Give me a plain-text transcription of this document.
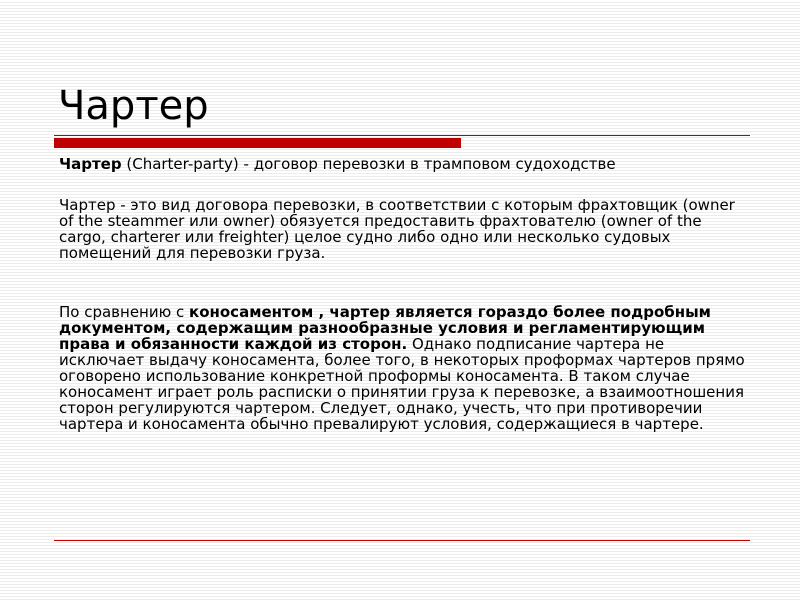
Чартер

Чартер (Charter-party) - договор перевозки в трамповом судоходстве

Чартер - это вид договора перевозки, в соответствии с которым фрахтовщик (owner of the steammer или owner) обязуется предоставить фрахтователю (owner of the cargo, charterer или freighter) целое судно либо одно или несколько судовых помещений для перевозки груза.

По сравнению с коносаментом , чартер является гораздо более подробным документом, содержащим разнообразные условия и регламентирующим права и обязанности каждой из сторон. Однако подписание чартера не исключает выдачу коносамента, более того, в некоторых проформах чартеров прямо оговорено использование конкретной проформы коносамента. В таком случае коносамент играет роль расписки о принятии груза к перевозке, а взаимоотношения сторон регулируются чартером. Следует, однако, учесть, что при противоречии чартера и коносамента обычно превалируют условия, содержащиеся в чартере.
